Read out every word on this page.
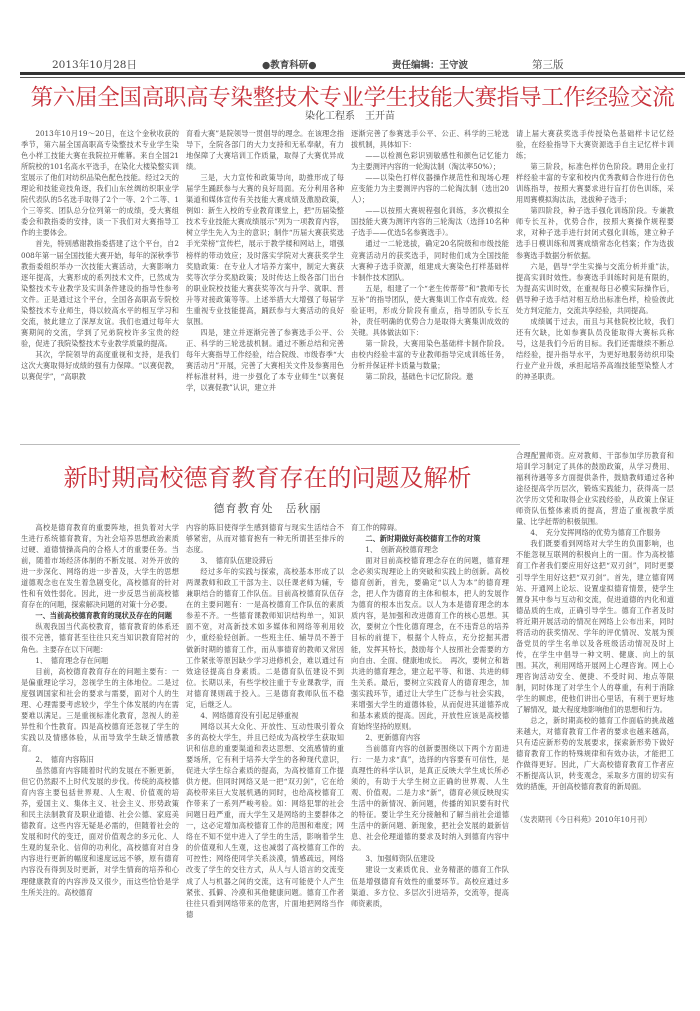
2013年10月28日	●教育科研●	责任编辑：王守波	第三版
第六届全国高职高专染整技术专业学生技能大赛指导工作经验交流
染化工程系　王开苗

2013年10月19～20日，在这个金秋收获的季节，第六届全国高职高专染整技术专业学生染色小样工技能大赛在我院拉开帷幕。来自全国21所院校的101名高水平选手，在染化大楼染整实训室展示了他们对纺织品染色配色技能。经过2天的理论和技能竞技角逐，我们山东丝绸纺织职业学院代表队的5名选手取得了2个一等、2个二等、1个三等奖、团队总分位列第一的成绩，受大赛组委会和教指委的安排，谈一下我们对大赛指导工作的主要体会。

首先，特别感谢教指委搭建了这个平台，自2008年第一届全国技能大赛开始，每年的深秋季节教指委组织举办一次技能大赛活动，大赛影响力逐年提高，大赛形成的系列技术文件，已然成为染整技术专业教学及实训条件建设的指导性参考文件。正是通过这个平台，全国各高职高专院校染整技术专业师生，得以较高水平的相互学习和交流，彼此建立了深厚友谊。我们也通过每年大赛期间的交流，学到了兄弟院校许多宝贵的经验，促进了我院染整技术专业教学质量的提高。

其次，学院领导的高度重视和支持，是我们这次大赛取得好成绩的强有力保障。“以赛促教，以赛促学”，“高职教

育看大赛”是院领导一贯倡导的理念。在该理念指导下，全院各部门的大力支持和无私奉献，有力地保障了大赛培训工作质量，取得了大赛优异成绩。

三是，大力宣传和政策导向，助推形成了每届学生踊跃参与大赛的良好局面。充分利用各种渠道和媒体宣传有关技能大赛成绩及激励政策，例如：新生入校的专业教育课堂上，把“历届染整技术专业技能大赛成绩展示”列为一项教育内容，树立学生先入为主的意识；制作“历届大赛获奖选手光荣榜”宣传栏，展示于教学楼和网站上，增强榜样的带动效应；及时落实学院对大赛获奖学生奖励政策：在专业人才培养方案中，制定大赛获奖等次学分奖励政策；及时传达上级各部门出台的职业院校技能大赛获奖等次与升学、就职、晋升等对接政策等等。上述举措大大增强了每届学生重视专业技能提高，踊跃参与大赛活动的良好氛围。

四是，建立并逐渐完善了参赛选手公平、公正、科学的三轮选拔机制。通过不断总结和完善每年大赛指导工作经验，结合院级、市级春季“大赛活动月”开展，完善了大赛相关文件及参赛用色样标准材料，进一步强化了本专业师生“以赛促学，以赛促教”认识，建立并

逐渐完善了参赛选手公平、公正、科学的三轮选拔机制，具体如下：

——以检测色彩识别敏感性和颜色记忆能力为主要测评内容的一轮淘汰制（淘汰率50%）；

——以染色打样仪器操作规范性和现场心理应变能力为主要测评内容的二轮淘汰制（选出20人）；

——以按照大赛规程强化训练，多次模拟全国技能大赛为测评内容的三轮淘汰（选择10名种子选手——优选5名参赛选手）。

通过一二轮选拔，确定20名院级和市级技能竞赛活动月的获奖选手，同时他们成为全国技能大赛种子选手资源，组建成大赛染色打样基础样卡制作技术团队。

五是，组建了一个“老生传帮带”和“教师专长互补”的指导团队，使大赛集训工作卓有成效。经验证明，形成分阶段有重点，指导团队专长互补，责任明确的优势合力是取得大赛集训成效的关键。具体做法如下：

第一阶段，大赛用染色基础样卡制作阶段。由校内经验丰富的专业教师指导完成训练任务，分析并保证样卡质量与数量；

第二阶段，基础色卡记忆阶段。邀

请上届大赛获奖选手传授染色基础样卡记忆经验，在经验指导下大赛资源选手自主记忆样卡训练；

第三阶段，标准色样仿色阶段。聘用企业打样经验丰富的专家和校内优秀教师合作进行仿色训练指导，按照大赛要求进行盲打仿色训练，采用周赛模拟淘汰法，选拔种子选手；

第四阶段，种子选手强化训练阶段。专兼教师专长互补，优势合作，按照大赛操作规程要求，对种子选手进行封闭式强化训练，建立种子选手日模训练和周赛成绩常态化档案；作为选拔参赛选手数据分析依据。

六是，倡导“学生实操与交流分析并重”法，提高实训时效性。参赛选手训练时间是有限的，为提高实训时效，在重视每日必模实际操作后，倡导种子选手结对相互给出标准色样，检验彼此处方判定能力，交流共享经验，共同提高。

成绩属于过去，而且与其他院校比较，我们还有欠缺，比如参赛队员没能取得大赛标兵称号，这是我们今后的目标。我们还需继续不断总结经验，提升指导水平，为更好地服务纺织印染行业产业升级，承担起培养高端技能型染整人才的神圣职责。

新时期高校德育教育存在的问题及解析
德育教育处　岳秋丽

高校是德育教育的重要阵地，担负着对大学生进行系统德育教育，为社会培养思想政治素质过硬、道德情操高尚的合格人才的重要任务。当前，随着市场经济体制的不断发展、对外开放的进一步深化、网络的进一步普及，大学生的思想道德观念也在发生着急剧变化，高校德育的针对性和有效性弱化。因此，进一步反思当前高校德育存在的问题，探索解决问题的对策十分必要。

一、当前高校德育教育的现状及存在的问题

纵观我国当代高校教育，德育教育的体系还很不完善，德育甚至往往只充当知识教育陪衬的角色。主要存在以下问题：

1、　德育理念存在问题

目前，高校德育教育存在的问题主要有：一是偏重理论学习，忽视学生的主体地位。二是过度强调国家和社会的要求与需要，面对个人的生理、心理需要考虑较少，学生个体发展的内在需要难以满足。三是重视标准化教育，忽视人的差异性和个性教育。四是高校德育还忽视了学生的实践以及情感体验，从而导致学生缺乏情感教育。

2、　德育内容陈旧

虽然德育内容随着时代的发展在不断更新，但它仍然跟不上时代发展的步伐。传统的高校德育内容主要包括世界观、人生观、价值观的培养，爱国主义、集体主义、社会主义、形势政策和民主法制教育及职业道德、社会公德、家庭美德教育。这些内容无疑是必需的，但随着社会的发展和时代的变迁，面对价值观念的多元化、人生观的复杂化、信仰的功利化，高校德育对自身内容进行更新的幅度和速度远远不够，原有德育内容没有得到及时更新，对学生情商的培养和心理健康教育的内容涉及又很少，而这些恰恰是学生所关注的。高校德育

内容的陈旧使得学生感到德育与现实生活结合不够紧密，从而对德育抱有一种无所谓甚至排斥的态度。

3、　德育队伍建设滞后

经过多年的实践与探索，高校基本形成了以两课教师和政工干部为主、以任课老师为辅，专兼职结合的德育工作队伍。目前高校德育队伍存在的主要问题有：一是高校德育工作队伍的素质参差不齐。一些德育课教师知识结构单一，知识面不宽，对高新技术如多媒体和网络等利用较少，重经验轻创新。一些班主任、辅导员不善于做新时期的德育工作，而从事德育的教师又常因工作紧张等原因缺少学习进修机会，难以通过有效途径提高自身素质。二是德育队伍建设不到位。长期以来，有些学校注重于专业课教学，而对德育课则疏于投入。三是德育教师队伍不稳定，后继乏人。

4、网络德育没有引起足够重视

网络以其大众化、开放性、互动性吸引着众多的高校大学生，并且已经成为高校学生获取知识和信息的重要渠道和表达思想、交流感情的重要场所，它有利于培养大学生的各种现代意识，促进大学生综合素质的提高，为高校德育工作提供方便。但同时网络又是一把“双刃剑”，它在给高校带来巨大发展机遇的同时，也给高校德育工作带来了一系列严峻考验。如：网络犯罪的社会问题日趋严重，而大学生又是网络的主要群体之一，这必定增加高校德育工作的范围和难度；网络在不知不觉中进入了学生的生活，影响着学生的价值观和人生观，这也减弱了高校德育工作的可控性；网络使同学关系淡漠，情感疏远，网络改变了学生的交往方式，从人与人语言的交流变成了人与机器之间的交流，这有可能使个人产生紧张、孤僻、冷漠和其他健康问题。德育工作者往往只看到网络带来的危害，片面地把网络当作德

育工作的障碍。

二、新时期做好高校德育工作的对策

1、　创新高校德育理念

面对目前高校德育理念存在的问题，德育理念必须实现理论上的突破和实践上的创新。高校德育创新，首先，要确定“以人为本”的德育理念，把人作为德育的主体和根本，把人的发展作为德育的根本出发点。以人为本是德育理念的本质内容，是加强和改进德育工作的核心思想。其次，要树立个性化德育理念，在不违背总的培养目标的前提下，根据个人特点，充分挖掘其潜能，发挥其特长，鼓励每个人按照社会需要的方向自由、全面、健康地成长。　再次，要树立和谐共进的德育理念，建立起平等、和谐、共进的师生关系。最后，要树立实践育人的德育理念，加强实践环节，通过让大学生广泛参与社会实践，来增强大学生的道德体验，从而促进其道德养成和基本素质的提高。因此，开放性应该是高校德育始终坚持的原则。

2、更新德育内容

当前德育内容的创新要围绕以下两个方面进行：一是力求“真”，选择的内容要有可信性，是真理性的科学认识，是真正反映大学生成长所必须的，有助于大学生树立正确的世界观、人生观、价值观。二是力求“新”，德育必须反映现实生活中的新情况、新问题，传播的知识要有时代的特征。要让学生充分接触和了解当前社会道德生活中的新问题、新现象，把社会发展的最新信息、社会伦理道德的要求及时纳入到德育内容中去。

3、加强师资队伍建设

建设一支素质优良、业务精湛的德育工作队伍是增强德育有效性的重要环节。高校应通过多渠道、多方位、多层次引进培养，交流等，提高师资素质，

合理配置师资。应对教师、干部参加学历教育和培训学习制定了具体的鼓励政策，从学习费用、福利待遇等多方面提供条件，鼓励教师通过各种途径提高学历层次，锻炼实践能力，获得高一层次学历文凭和取得企业实践经验，从政策上保证师资队伍整体素质的提高，营造了重视教学质量、比学赶帮的积极氛围。

4、　充分发挥网络的优势为德育工作服务

我们既要看到网络对大学生的负面影响，也不能忽视互联网的积极向上的一面。作为高校德育工作者我们要应用好这把“双刃剑”，同时更要引导学生用好这把“双刃剑”。首先，建立德育网站、开通网上论坛、设置虚拟德育情景，使学生置身其中参与互动和交流，促进道德的内化和道德品质的生成，正确引导学生。德育工作者及时将近期开展活动的情况在网络上公布出来，同时将活动的获奖情况、学年的评优情况、发展为预备党员的学生名单以及各班级活动情况及时上传，在学生中倡导一种文明、健康、向上的氛围。其次，利用网络开展网上心理咨询。网上心理咨询活动安全、便捷、不受时间、地点等限制，同时体现了对学生个人的尊重，有利于消除学生的顾虑，使他们讲出心里话，有利于更好地了解情况，最大程度地影响他们的思想和行为。

总之，新时期高校的德育工作面临的挑战越来越大，对德育教育工作者的要求也越来越高，只有适应新形势的发展要求，探索新形势下做好德育教育工作的特殊规律和有效办法，才能把工作做得更好。因此，广大高校德育教育工作者应不断提高认识，转变观念，采取多方面的切实有效的措施，开创高校德育教育的新局面。

（发表期刊《今日科苑》2010年10月刊）
